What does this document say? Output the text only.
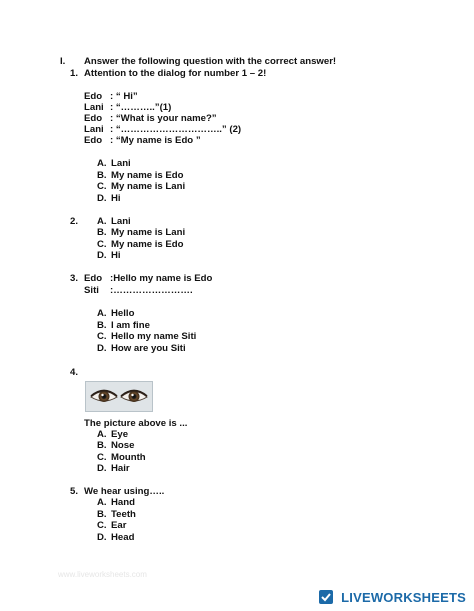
I. Answer the following question with the correct answer!
1. Attention to the dialog for number 1 – 2!
Edo : “ Hi”
Lani : “………..”(1)
Edo : “What is your name?”
Lani : “…………………………..” (2)
Edo : “My name is Edo ”
A. Lani
B. My name is Edo
C. My name is Lani
D. Hi
2. A. Lani
B. My name is Lani
C. My name is Edo
D. Hi
3. Edo :Hello my name is Edo
Siti :…………………….
A. Hello
B. I am fine
C. Hello my name Siti
D. How are you Siti
4.
The picture above is ...
A. Eye
B. Nose
C. Mounth
D. Hair
5. We hear using…..
A. Hand
B. Teeth
C. Ear
D. Head
www.liveworksheets.com
LIVEWORKSHEETS
